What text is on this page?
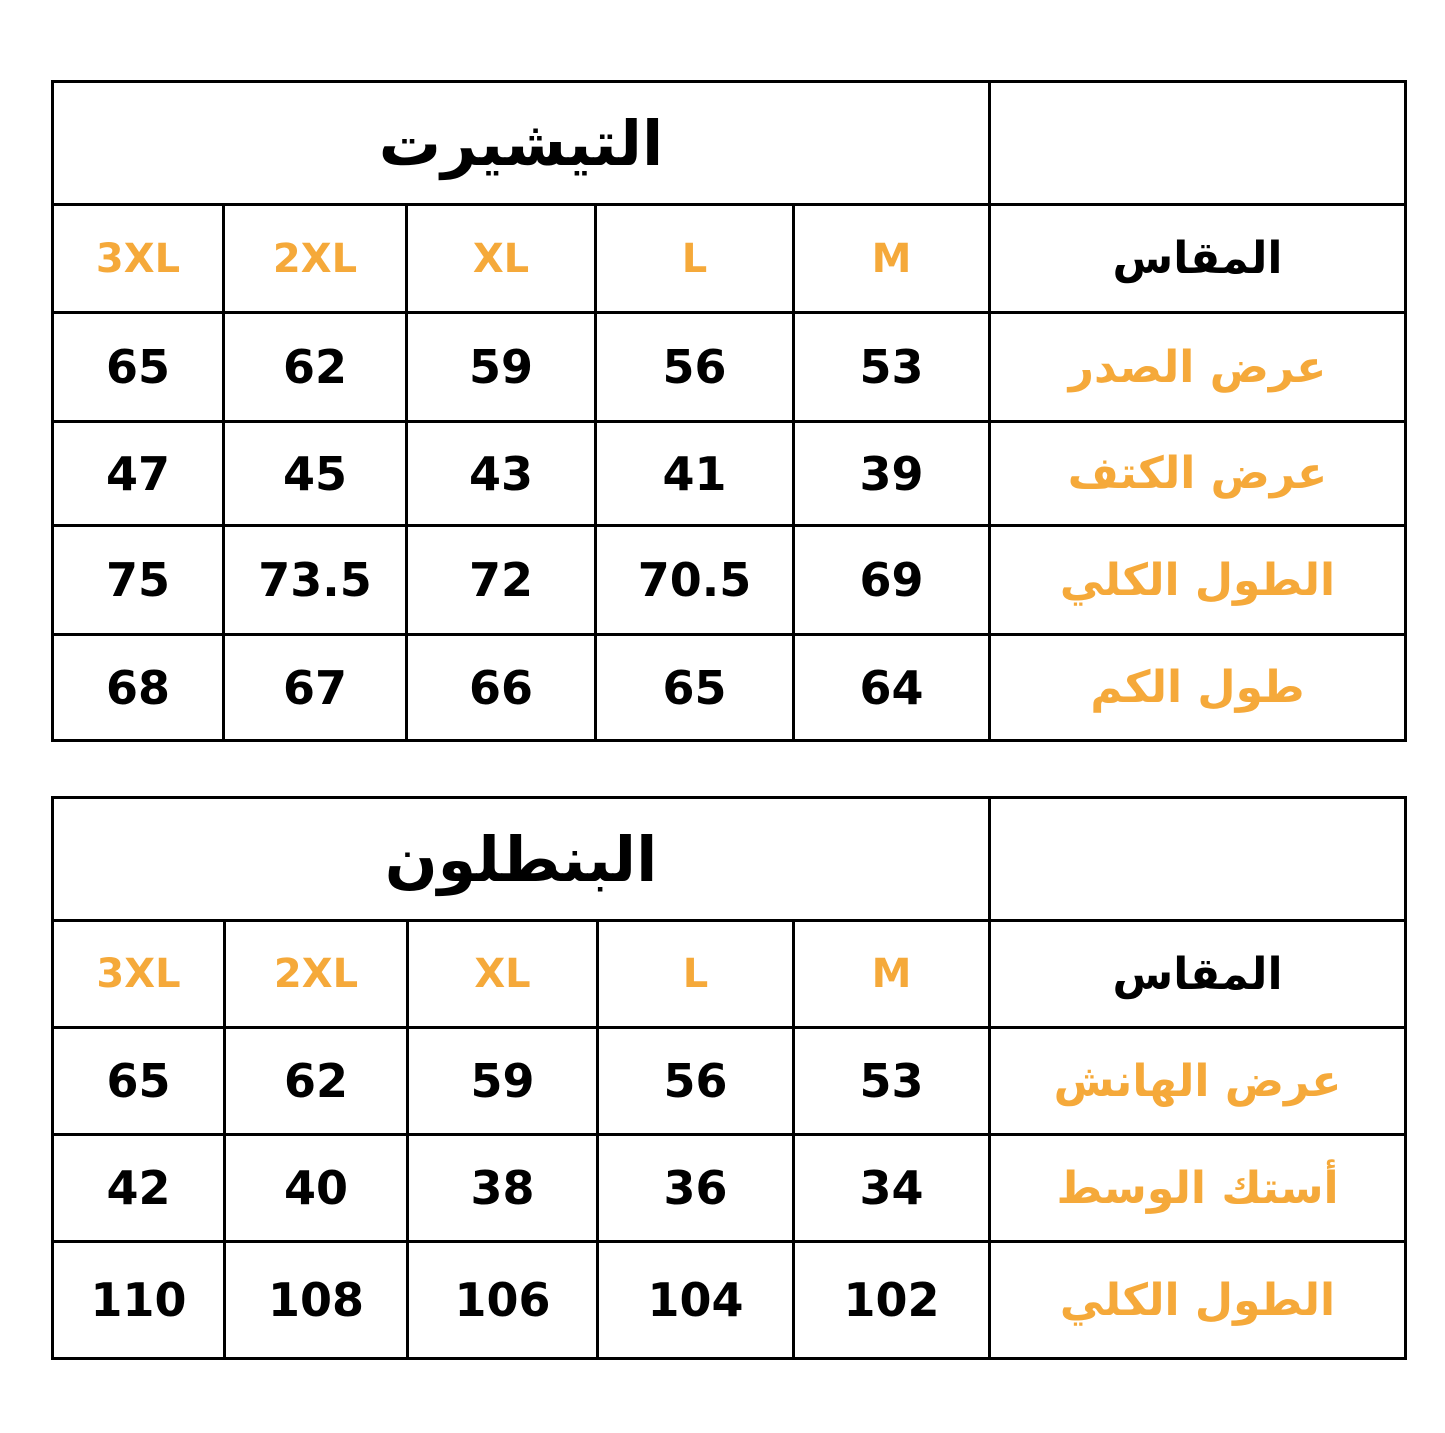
التيشيرت					
3XL	2XL	XL	L	M	المقاس
65	62	59	56	53	عرض الصدر
47	45	43	41	39	عرض الكتف
75	73.5	72	70.5	69	الطول الكلي
68	67	66	65	64	طول الكم
البنطلون					
3XL	2XL	XL	L	M	المقاس
65	62	59	56	53	عرض الهانش
42	40	38	36	34	أستك الوسط
110	108	106	104	102	الطول الكلي
